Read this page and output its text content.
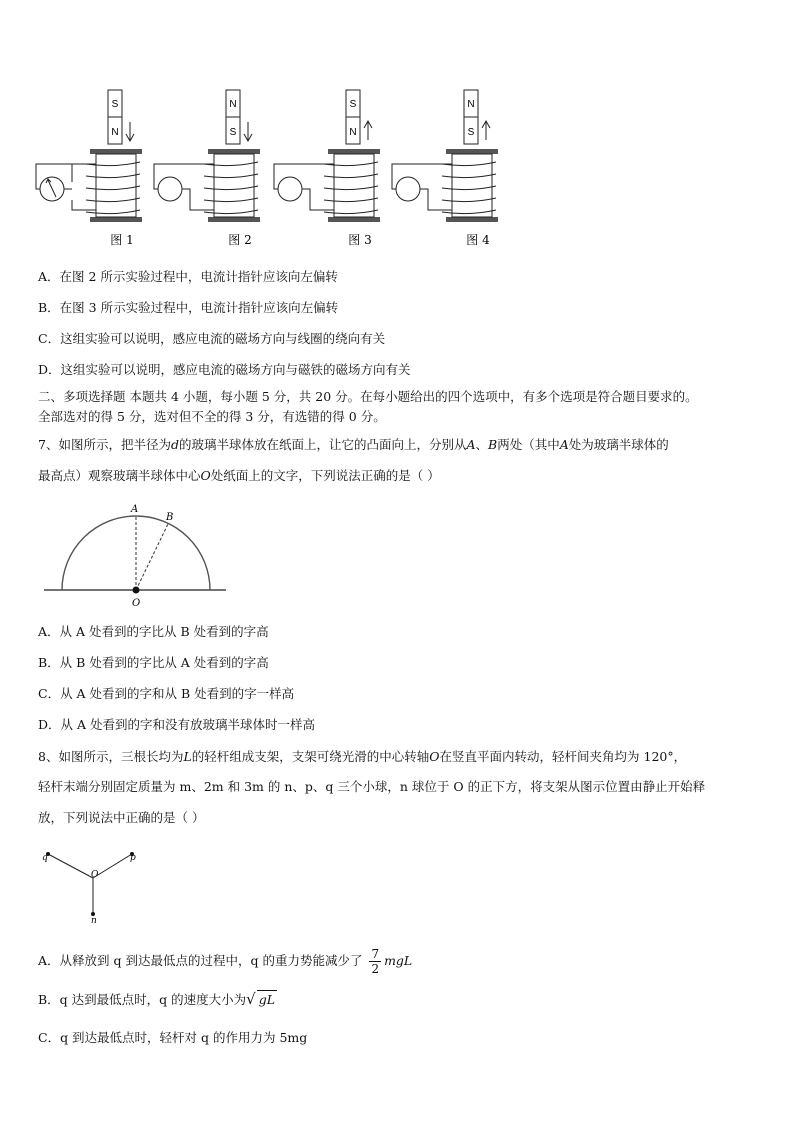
S
N
图 1
N
S
图 2
S
N
图 3
N
S
图 4
A．在图 2 所示实验过程中，电流计指针应该向左偏转
B．在图 3 所示实验过程中，电流计指针应该向左偏转
C．这组实验可以说明，感应电流的磁场方向与线圈的绕向有关
D．这组实验可以说明，感应电流的磁场方向与磁铁的磁场方向有关
二、多项选择题 本题共 4 小题，每小题 5 分，共 20 分。在每小题给出的四个选项中，有多个选项是符合题目要求的。
全部选对的得 5 分，选对但不全的得 3 分，有选错的得 0 分。
7、如图所示，把半径为d的玻璃半球体放在纸面上，让它的凸面向上，分别从A、B两处（其中A处为玻璃半球体的
最高点）观察玻璃半球体中心O处纸面上的文字，下列说法正确的是（ ）
A
B
O
A．从 A 处看到的字比从 B 处看到的字高
B．从 B 处看到的字比从 A 处看到的字高
C．从 A 处看到的字和从 B 处看到的字一样高
D．从 A 处看到的字和没有放玻璃半球体时一样高
8、如图所示，三根长均为L的轻杆组成支架，支架可绕光滑的中心转轴O在竖直平面内转动，轻杆间夹角均为 120°，
轻杆末端分别固定质量为 m、2m 和 3m 的 n、p、q 三个小球，n 球位于 O 的正下方，将支架从图示位置由静止开始释
放，下列说法中正确的是（ ）
q	p
O
n
A．从释放到 q 到达最低点的过程中，q 的重力势能减少了 $\frac{7}{2}$ mgL
B．q 达到最低点时，q 的速度大小为√ gL
C．q 到达最低点时，轻杆对 q 的作用力为 5mg
